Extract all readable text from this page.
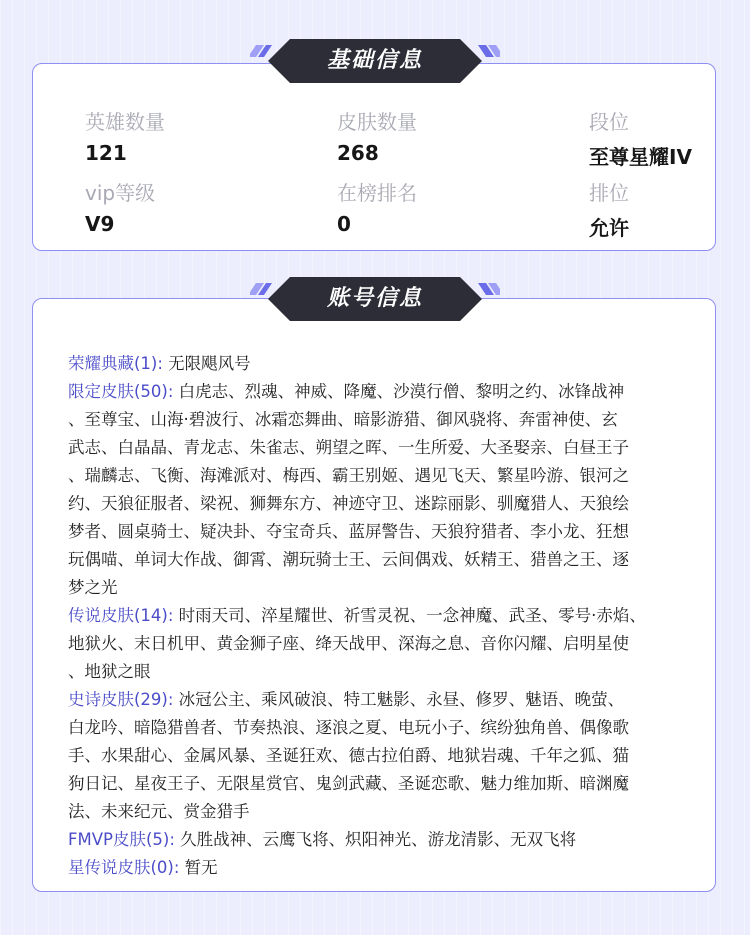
基础信息
英雄数量
121
皮肤数量
268
段位
至尊星耀IV
vip等级
V9
在榜排名
0
排位
允许
账号信息
荣耀典藏(1): 无限飓风号
限定皮肤(50): 白虎志、烈魂、神威、降魔、沙漠行僧、黎明之约、冰锋战神
、至尊宝、山海·碧波行、冰霜恋舞曲、暗影游猎、御风骁将、奔雷神使、玄
武志、白晶晶、青龙志、朱雀志、朔望之晖、一生所爱、大圣娶亲、白昼王子
、瑞麟志、飞衡、海滩派对、梅西、霸王别姬、遇见飞天、繁星吟游、银河之
约、天狼征服者、梁祝、狮舞东方、神迹守卫、迷踪丽影、驯魔猎人、天狼绘
梦者、圆桌骑士、疑决卦、夺宝奇兵、蓝屏警告、天狼狩猎者、李小龙、狂想
玩偶喵、单词大作战、御霄、潮玩骑士王、云间偶戏、妖精王、猎兽之王、逐
梦之光
传说皮肤(14): 时雨天司、淬星耀世、祈雪灵祝、一念神魔、武圣、零号·赤焰、
地狱火、末日机甲、黄金狮子座、绛天战甲、深海之息、音你闪耀、启明星使
、地狱之眼
史诗皮肤(29): 冰冠公主、乘风破浪、特工魅影、永昼、修罗、魅语、晚萤、
白龙吟、暗隐猎兽者、节奏热浪、逐浪之夏、电玩小子、缤纷独角兽、偶像歌
手、水果甜心、金属风暴、圣诞狂欢、德古拉伯爵、地狱岩魂、千年之狐、猫
狗日记、星夜王子、无限星赏官、鬼剑武藏、圣诞恋歌、魅力维加斯、暗渊魔
法、未来纪元、赏金猎手
FMVP皮肤(5): 久胜战神、云鹰飞将、炽阳神光、游龙清影、无双飞将
星传说皮肤(0): 暂无
